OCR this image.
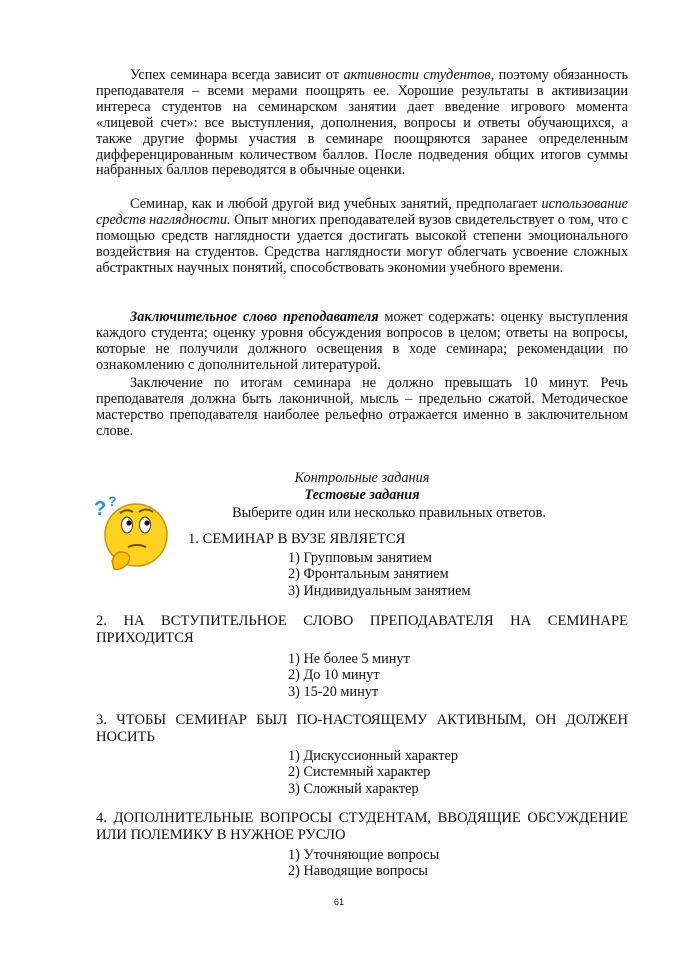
Успех семинара всегда зависит от активности студентов, поэтому обязанность преподавателя – всеми мерами поощрять ее. Хорошие результаты в активизации интереса студентов на семинарском занятии дает введение игрового момента «лицевой счет»: все выступления, дополнения, вопросы и ответы обучающихся, а также другие формы участия в семинаре поощряются заранее определенным дифференцированным количеством баллов. После подведения общих итогов суммы набранных баллов переводятся в обычные оценки.

Семинар, как и любой другой вид учебных занятий, предполагает использование средств наглядности. Опыт многих преподавателей вузов свидетельствует о том, что с помощью средств наглядности удается достигать высокой степени эмоционального воздействия на студентов. Средства наглядности могут облегчать усвоение сложных абстрактных научных понятий, способствовать экономии учебного времени.

Заключительное слово преподавателя может содержать: оценку выступления каждого студента; оценку уровня обсуждения вопросов в целом; ответы на вопросы, которые не получили должного освещения в ходе семинара; рекомендации по ознакомлению с дополнительной литературой.

Заключение по итогам семинара не должно превышать 10 минут. Речь преподавателя должна быть лаконичной, мысль – предельно сжатой. Методическое мастерство преподавателя наиболее рельефно отражается именно в заключительном слове.

Контрольные задания

Тестовые задания

Выберите один или несколько правильных ответов.

? ?

1. СЕМИНАР В ВУЗЕ ЯВЛЯЕТСЯ

1) Групповым занятием
2) Фронтальным занятием
3) Индивидуальным занятием

2. НА ВСТУПИТЕЛЬНОЕ СЛОВО ПРЕПОДАВАТЕЛЯ НА СЕМИНАРЕ ПРИХОДИТСЯ

1) Не более 5 минут
2) До 10 минут
3) 15-20 минут

3. ЧТОБЫ СЕМИНАР БЫЛ ПО-НАСТОЯЩЕМУ АКТИВНЫМ, ОН ДОЛЖЕН НОСИТЬ

1) Дискуссионный характер
2) Системный характер
3) Сложный характер

4. ДОПОЛНИТЕЛЬНЫЕ ВОПРОСЫ СТУДЕНТАМ, ВВОДЯЩИЕ ОБСУЖДЕНИЕ ИЛИ ПОЛЕМИКУ В НУЖНОЕ РУСЛО

1) Уточняющие вопросы
2) Наводящие вопросы
61
